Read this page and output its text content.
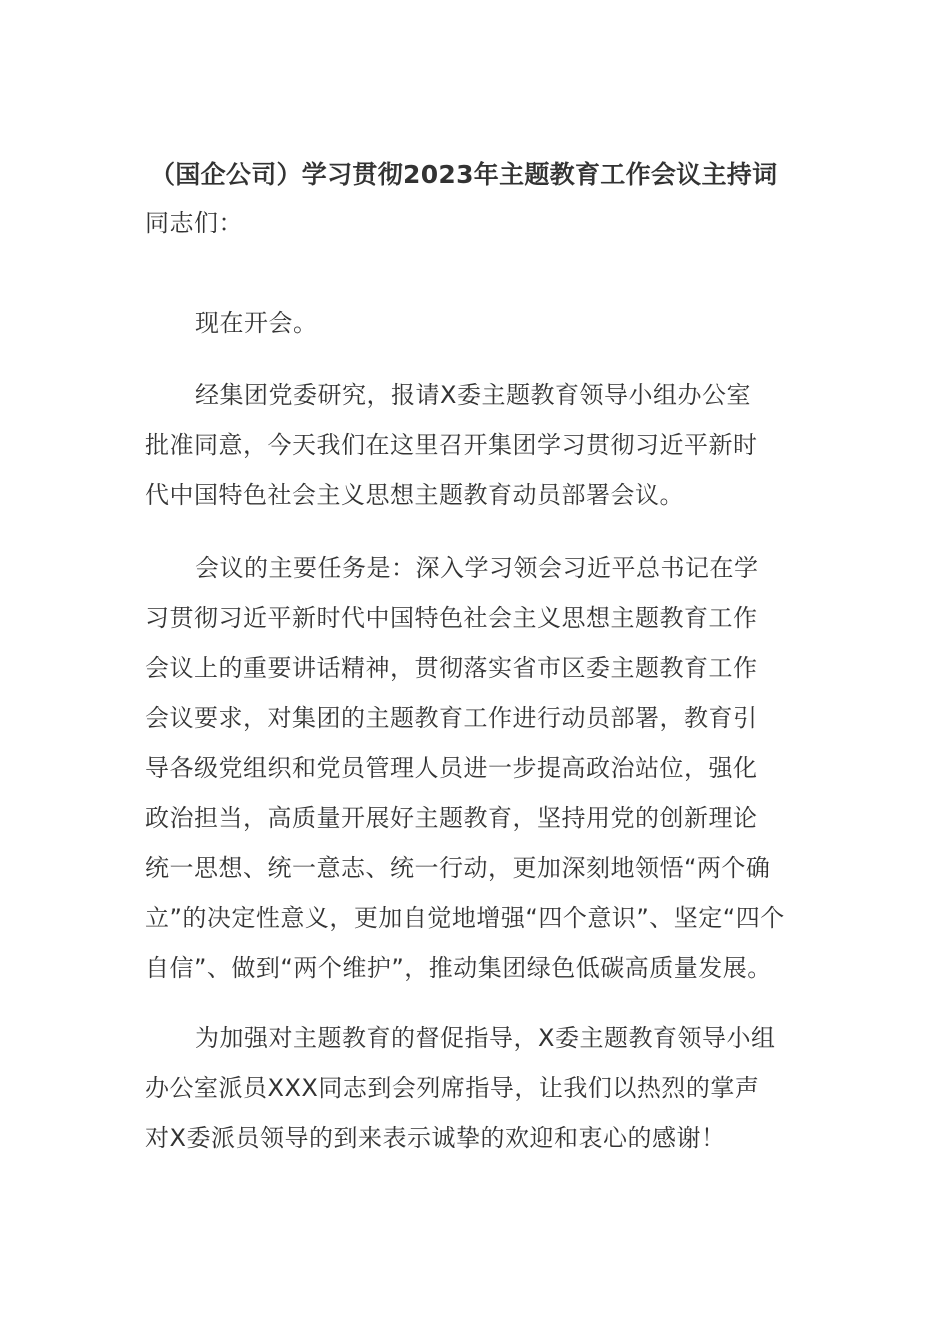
（国企公司）学习贯彻2023年主题教育工作会议主持词
同志们：
现在开会。
经集团党委研究，报请X委主题教育领导小组办公室
批准同意，今天我们在这里召开集团学习贯彻习近平新时
代中国特色社会主义思想主题教育动员部署会议。
会议的主要任务是：深入学习领会习近平总书记在学
习贯彻习近平新时代中国特色社会主义思想主题教育工作
会议上的重要讲话精神，贯彻落实省市区委主题教育工作
会议要求，对集团的主题教育工作进行动员部署，教育引
导各级党组织和党员管理人员进一步提高政治站位，强化
政治担当，高质量开展好主题教育，坚持用党的创新理论
统一思想、统一意志、统一行动，更加深刻地领悟“两个确
立”的决定性意义，更加自觉地增强“四个意识”、坚定“四个
自信”、做到“两个维护”，推动集团绿色低碳高质量发展。
为加强对主题教育的督促指导，X委主题教育领导小组
办公室派员XXX同志到会列席指导，让我们以热烈的掌声
对X委派员领导的到来表示诚挚的欢迎和衷心的感谢！
